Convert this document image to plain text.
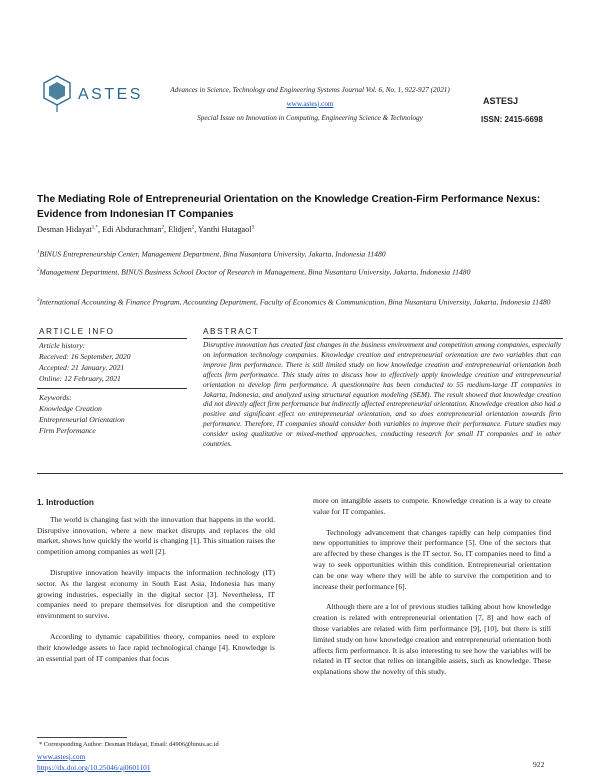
ASTES	Advances in Science, Technology and Engineering Systems Journal Vol. 6, No. 1, 922-927 (2021)
www.astesj.com
Special Issue on Innovation in Computing, Engineering Science & Technology
ASTESJ
ISSN: 2415-6698
The Mediating Role of Entrepreneurial Orientation on the Knowledge Creation-Firm Performance Nexus: Evidence from Indonesian IT Companies
Desman Hidayat$^{1,*}$, Edi Abdurachman$^2$, Elidjen$^2$, Yanthi Hutagaol$^3$
$^1$BINUS Entrepreneurship Center, Management Department, Bina Nusantara University, Jakarta, Indonesia 11480
$^2$Management Department, BINUS Business School Doctor of Research in Management, Bina Nusantara University, Jakarta, Indonesia 11480
$^3$International Accounting & Finance Program, Accounting Department, Faculty of Economics & Communication, Bina Nusantara University, Jakarta, Indonesia 11480
ARTICLE INFO	ABSTRACT
Article history:
Received: 16 September, 2020
Accepted: 21 January, 2021
Online: 12 February, 2021
Keywords:
Knowledge Creation
Entrepreneurial Orientation
Firm Performance
Disruptive innovation has created fast changes in the business environment and competition among companies, especially on information technology companies. Knowledge creation and entrepreneurial orientation are two variables that can improve firm performance. There is still limited study on how knowledge creation and entrepreneurial orientation both affects firm performance. This study aims to discuss how to effectively apply knowledge creation and entrepreneurial orientation to develop firm performance. A questionnaire has been conducted to 55 medium-large IT companies in Jakarta, Indonesia, and analyzed using structural equation modeling (SEM). The result showed that knowledge creation did not directly affect firm performance but indirectly affected entrepreneurial orientation. Knowledge creation also had a positive and significant effect on entrepreneurial orientation, and so does entrepreneurial orientation towards firm performance. Therefore, IT companies should consider both variables to improve their performance. Future studies may consider using qualitative or mixed-method approaches, conducting research for small IT companies and in other countries.
1. Introduction

The world is changing fast with the innovation that happens in the world. Disruptive innovation, where a new market disrupts and replaces the old market, shows how quickly the world is changing [1]. This situation raises the competition among companies as well [2].

Disruptive innovation heavily impacts the information technology (IT) sector. As the largest economy in South East Asia, Indonesia has many growing industries, especially in the digital sector [3]. Nevertheless, IT companies need to prepare themselves for disruption and the competitive environment to survive.

According to dynamic capabilities theory, companies need to explore their knowledge assets to face rapid technological change [4]. Knowledge is an essential part of IT companies that focus

more on intangible assets to compete. Knowledge creation is a way to create value for IT companies.

Technology advancement that changes rapidly can help companies find new opportunities to improve their performance [5]. One of the sectors that are affected by these changes is the IT sector. So, IT companies need to find a way to seek opportunities within this condition. Entrepreneurial orientation can be one way where they will be able to survive the competition and to increase their performance [6].

Although there are a lot of previous studies talking about how knowledge creation is related with entrepreneurial orientation [7, 8] and how each of those variables are related with firm performance [9], [10], but there is still limited study on how knowledge creation and entrepreneurial orientation both affects firm performance. It is also interesting to see how the variables will be related in IT sector that relies on intangible assets, such as knowledge. These explanations show the novelty of this study.

* Corresponding Author: Desman Hidayat, Email: d4906@binus.ac.id
www.astesj.com
https://dx.doi.org/10.25046/aj0601101	922
